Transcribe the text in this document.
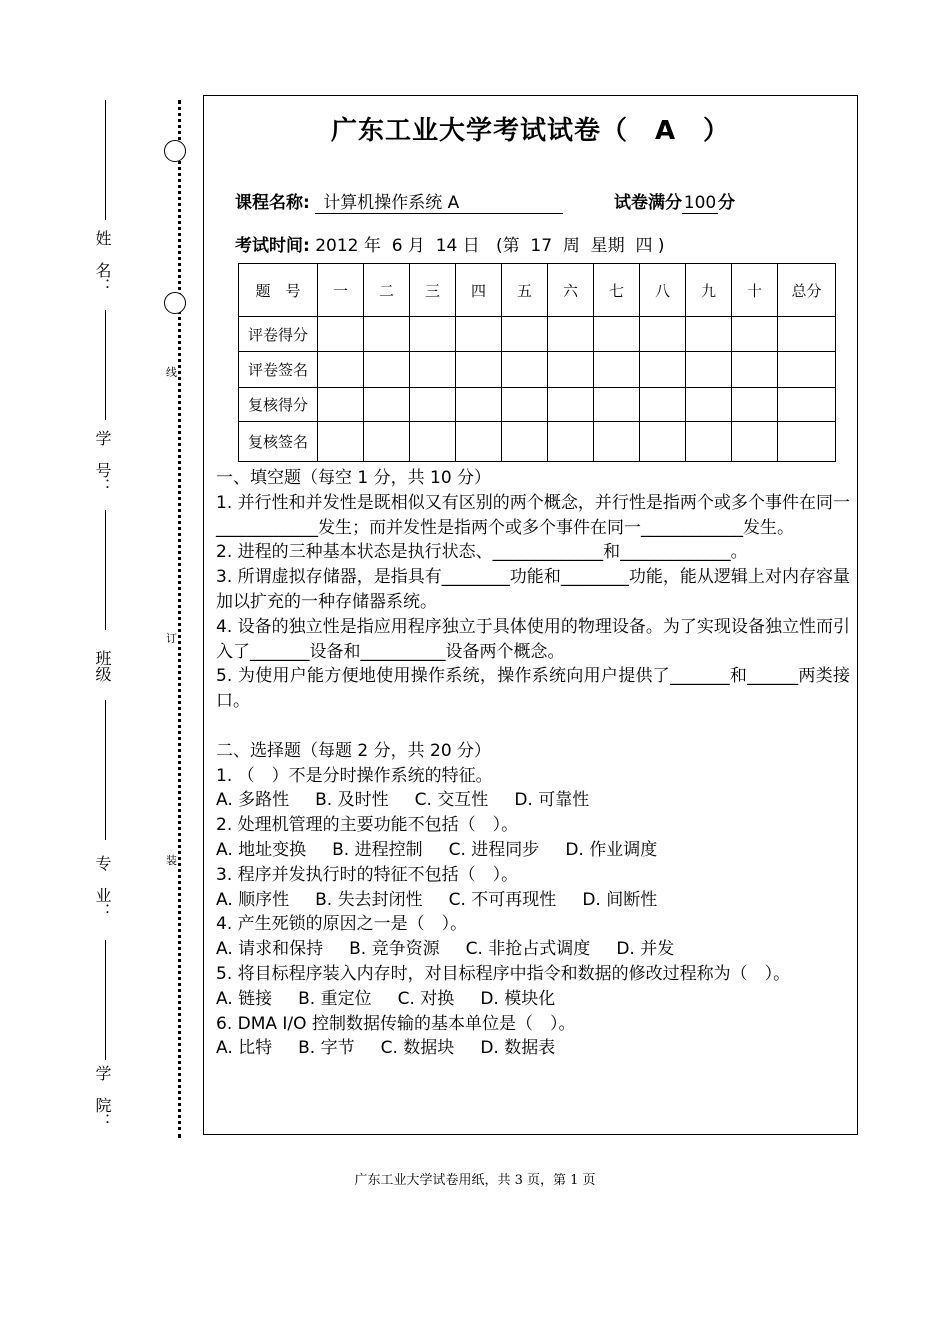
姓　名：
学　号：
班级
专　业：
学　院：
线
订
装
广东工业大学考试试卷（　A　）
课程名称: 计算机操作系统 A	试卷满分 100 分
考试时间: 2012 年  6 月  14 日   (第  17  周  星期  四 )
题　号	一	二	三	四	五	六	七	八	九	十	总分
评卷得分											
评卷签名											
复核得分											
复核签名											

一、填空题（每空 1 分，共 10 分）

1. 并行性和并发性是既相似又有区别的两个概念，并行性是指两个或多个事件在同一____________发生；而并发性是指两个或多个事件在同一____________发生。

2. 进程的三种基本状态是执行状态、_____________和_____________。

3. 所谓虚拟存储器，是指具有________功能和________功能，能从逻辑上对内存容量加以扩充的一种存储器系统。

4. 设备的独立性是指应用程序独立于具体使用的物理设备。为了实现设备独立性而引入了_______设备和__________设备两个概念。

5. 为使用户能方便地使用操作系统，操作系统向用户提供了_______和______两类接口。

二、选择题（每题 2 分，共 20 分）

1. （　）不是分时操作系统的特征。

A. 多路性 B. 及时性 C. 交互性 D. 可靠性

2. 处理机管理的主要功能不包括（　）。

A. 地址变换 B. 进程控制 C. 进程同步 D. 作业调度

3. 程序并发执行时的特征不包括（　）。

A. 顺序性 B. 失去封闭性 C. 不可再现性 D. 间断性

4. 产生死锁的原因之一是（　）。

A. 请求和保持 B. 竞争资源 C. 非抢占式调度 D. 并发

5. 将目标程序装入内存时，对目标程序中指令和数据的修改过程称为（　）。

A. 链接 B. 重定位 C. 对换 D. 模块化

6. DMA I/O 控制数据传输的基本单位是（　）。

A. 比特 B. 字节 C. 数据块 D. 数据表

广东工业大学试卷用纸，共 3 页，第 1 页
